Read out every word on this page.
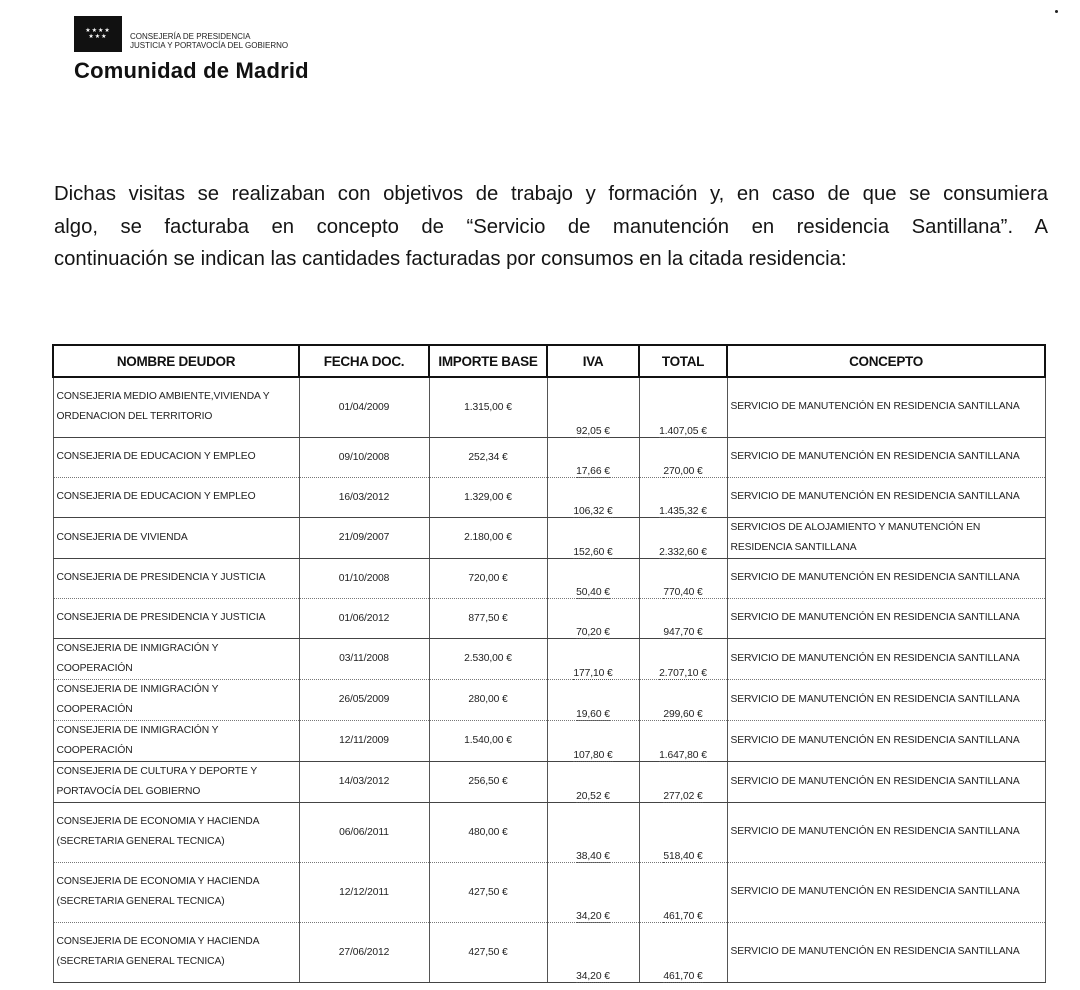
★★★★ ★★★	CONSEJERÍA DE PRESIDENCIA
JUSTICIA Y PORTAVOCÍA DEL GOBIERNO
Comunidad de Madrid
Dichas visitas se realizaban con objetivos de trabajo y formación y, en caso de que se consumiera
algo, se facturaba en concepto de “Servicio de manutención en residencia Santillana”. A
continuación se indican las cantidades facturadas por consumos en la citada residencia:
NOMBRE DEUDOR	FECHA DOC.	IMPORTE BASE	IVA	TOTAL	CONCEPTO
CONSEJERIA MEDIO AMBIENTE,VIVIENDA Y ORDENACION DEL TERRITORIO	01/04/2009	1.315,00 €	92,05 €	1.407,05 €	SERVICIO DE MANUTENCIÓN EN RESIDENCIA SANTILLANA
CONSEJERIA DE EDUCACION Y EMPLEO	09/10/2008	252,34 €	17,66 €	270,00 €	SERVICIO DE MANUTENCIÓN EN RESIDENCIA SANTILLANA
CONSEJERIA DE EDUCACION Y EMPLEO	16/03/2012	1.329,00 €	106,32 €	1.435,32 €	SERVICIO DE MANUTENCIÓN EN RESIDENCIA SANTILLANA
CONSEJERIA DE VIVIENDA	21/09/2007	2.180,00 €	152,60 €	2.332,60 €	SERVICIOS DE ALOJAMIENTO Y MANUTENCIÓN EN RESIDENCIA SANTILLANA
CONSEJERIA DE PRESIDENCIA Y JUSTICIA	01/10/2008	720,00 €	50,40 €	770,40 €	SERVICIO DE MANUTENCIÓN EN RESIDENCIA SANTILLANA
CONSEJERIA DE PRESIDENCIA Y JUSTICIA	01/06/2012	877,50 €	70,20 €	947,70 €	SERVICIO DE MANUTENCIÓN EN RESIDENCIA SANTILLANA
CONSEJERIA DE INMIGRACIÓN Y COOPERACIÓN	03/11/2008	2.530,00 €	177,10 €	2.707,10 €	SERVICIO DE MANUTENCIÓN EN RESIDENCIA SANTILLANA
CONSEJERIA DE INMIGRACIÓN Y COOPERACIÓN	26/05/2009	280,00 €	19,60 €	299,60 €	SERVICIO DE MANUTENCIÓN EN RESIDENCIA SANTILLANA
CONSEJERIA DE INMIGRACIÓN Y COOPERACIÓN	12/11/2009	1.540,00 €	107,80 €	1.647,80 €	SERVICIO DE MANUTENCIÓN EN RESIDENCIA SANTILLANA
CONSEJERIA DE CULTURA Y DEPORTE Y PORTAVOCÍA DEL GOBIERNO	14/03/2012	256,50 €	20,52 €	277,02 €	SERVICIO DE MANUTENCIÓN EN RESIDENCIA SANTILLANA
CONSEJERIA DE ECONOMIA Y HACIENDA (SECRETARIA GENERAL TECNICA)	06/06/2011	480,00 €	38,40 €	518,40 €	SERVICIO DE MANUTENCIÓN EN RESIDENCIA SANTILLANA
CONSEJERIA DE ECONOMIA Y HACIENDA (SECRETARIA GENERAL TECNICA)	12/12/2011	427,50 €	34,20 €	461,70 €	SERVICIO DE MANUTENCIÓN EN RESIDENCIA SANTILLANA
CONSEJERIA DE ECONOMIA Y HACIENDA (SECRETARIA GENERAL TECNICA)	27/06/2012	427,50 €	34,20 €	461,70 €	SERVICIO DE MANUTENCIÓN EN RESIDENCIA SANTILLANA
